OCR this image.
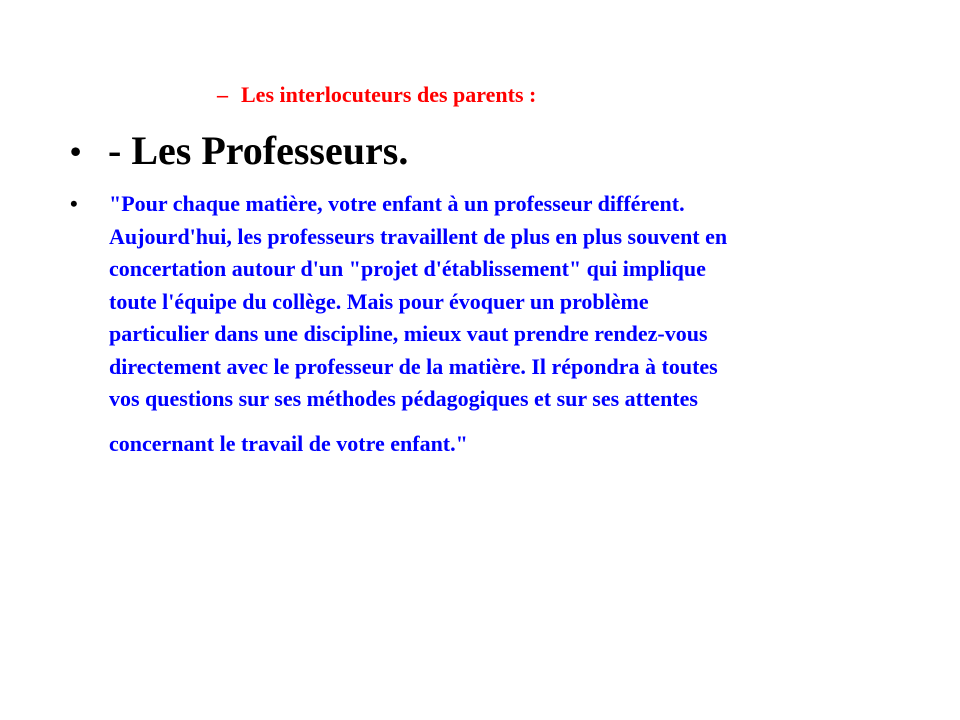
– Les interlocuteurs des parents :
• - Les Professeurs.
• "Pour chaque matière, votre enfant à un professeur différent.
Aujourd'hui, les professeurs travaillent de plus en plus souvent en
concertation autour d'un "projet d'établissement" qui implique
toute l'équipe du collège. Mais pour évoquer un problème
particulier dans une discipline, mieux vaut prendre rendez-vous
directement avec le professeur de la matière. Il répondra à toutes
vos questions sur ses méthodes pédagogiques et sur ses attentes
concernant le travail de votre enfant."
